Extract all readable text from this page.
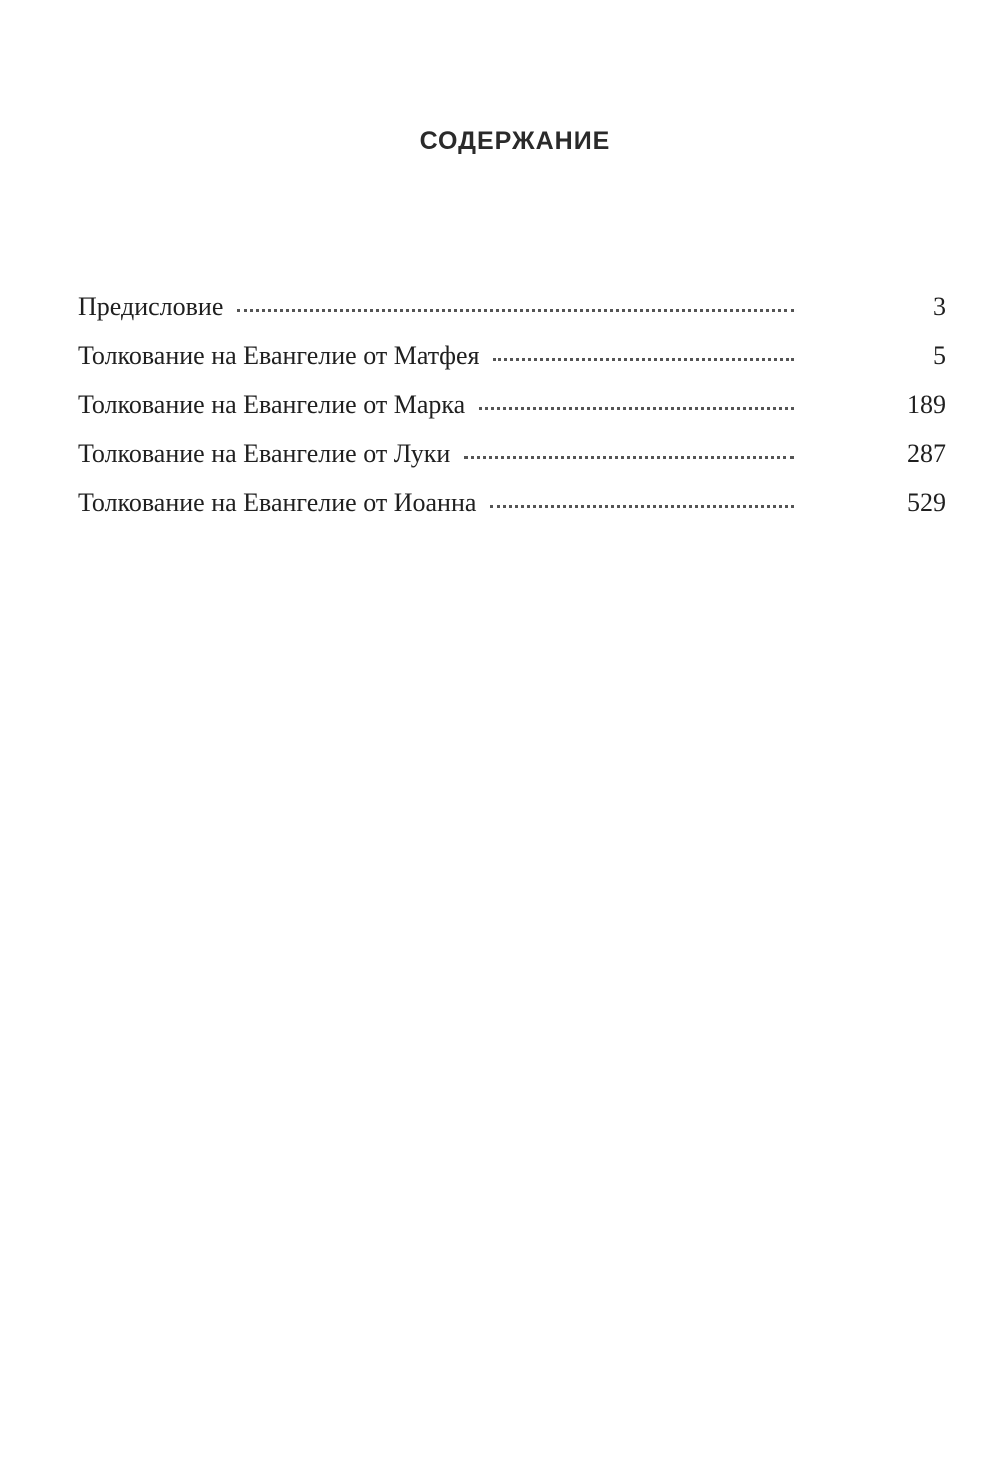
СОДЕРЖАНИЕ
Предисловие	3
Толкование на Евангелие от Матфея	5
Толкование на Евангелие от Марка	189
Толкование на Евангелие от Луки	287
Толкование на Евангелие от Иоанна	529
